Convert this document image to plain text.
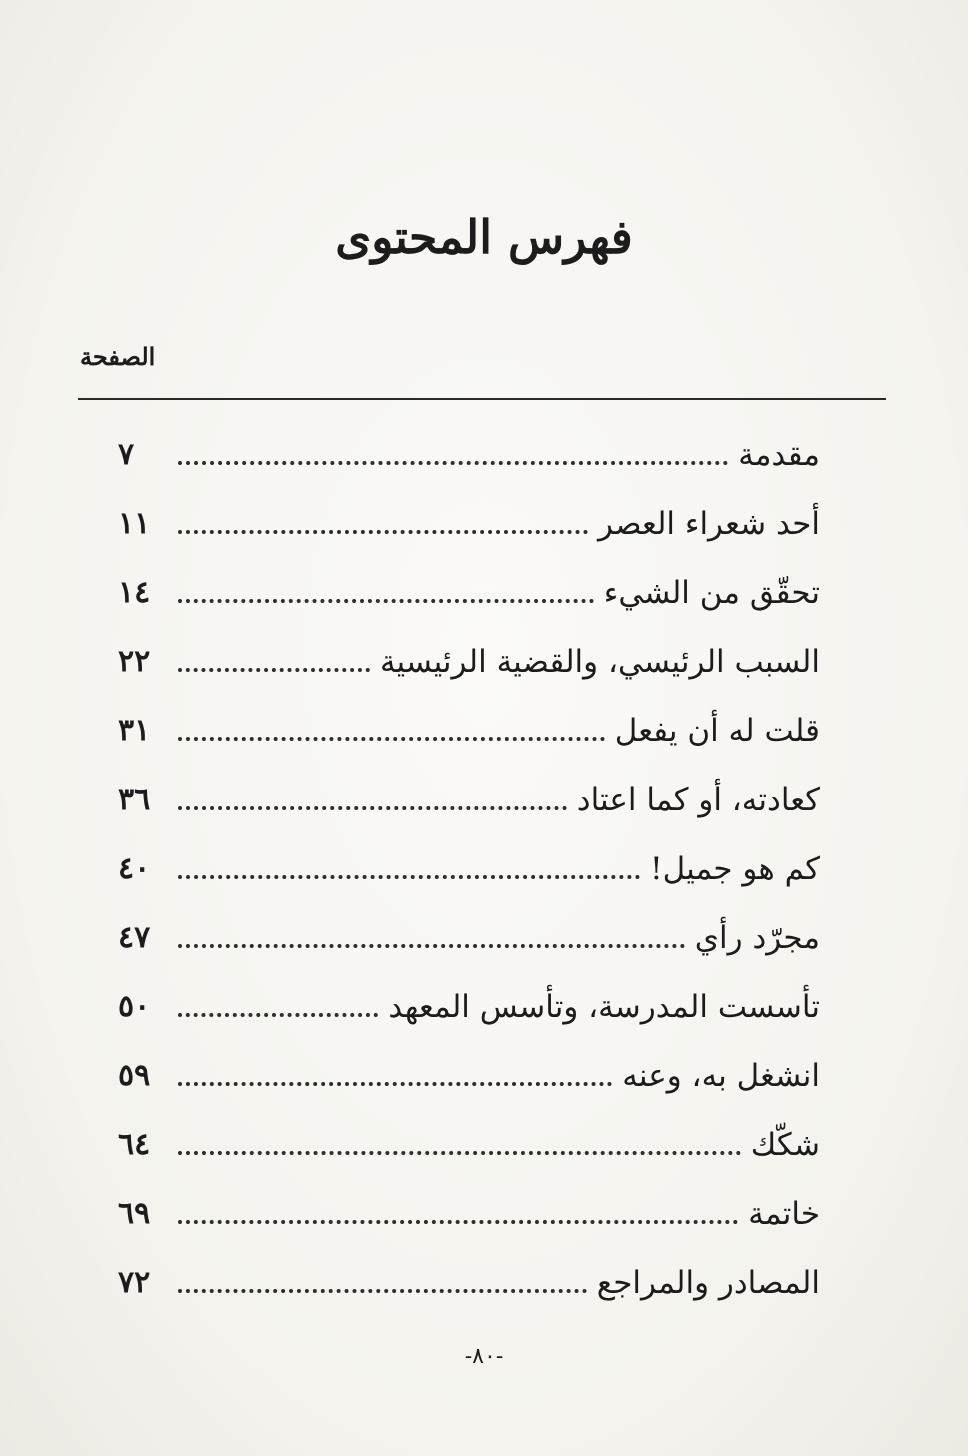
فهرس المحتوى
الصفحة
٧	مقدمة
١١	أحد شعراء العصر
١٤	تحقّق من الشيء
٢٢	السبب الرئيسي، والقضية الرئيسية
٣١	قلت له أن يفعل
٣٦	كعادته، أو كما اعتاد
٤٠	كم هو جميل!
٤٧	مجرّد رأي
٥٠	تأسست المدرسة، وتأسس المعهد
٥٩	انشغل به، وعنه
٦٤	شكّك
٦٩	خاتمة
٧٢	المصادر والمراجع
-٨٠-
